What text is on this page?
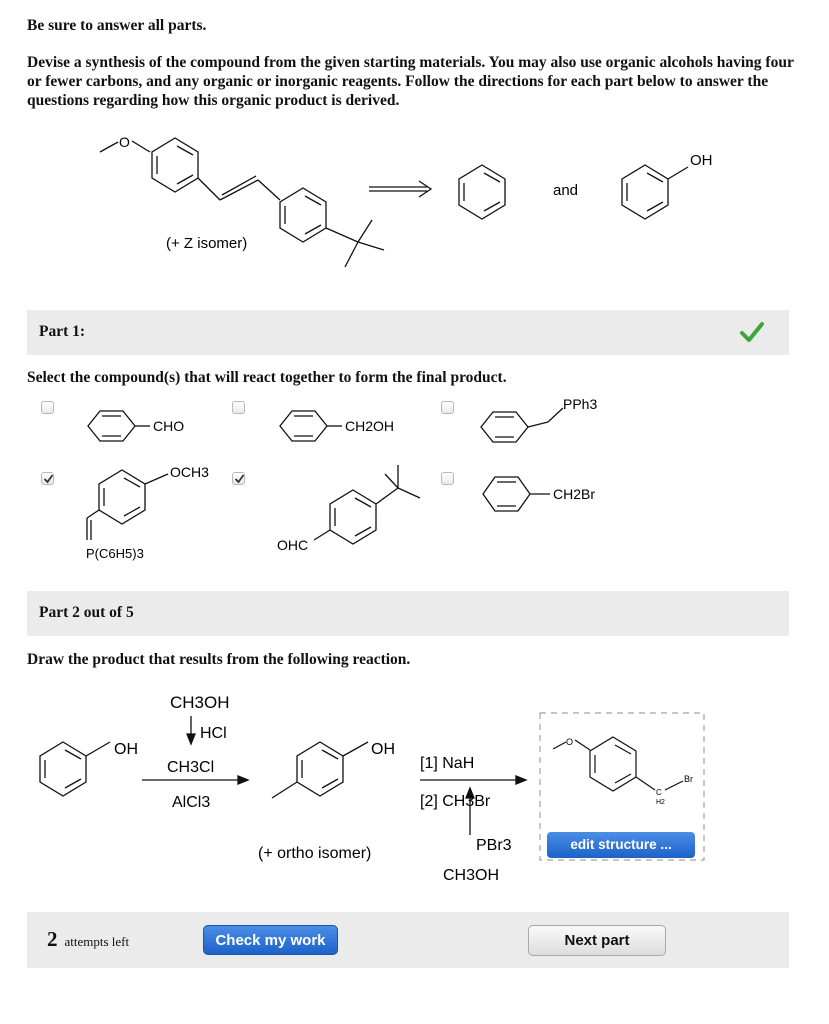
Be sure to answer all parts.
Devise a synthesis of the compound from the given starting materials. You may also use organic alcohols having four or fewer carbons, and any organic or inorganic reagents. Follow the directions for each part below to answer the questions regarding how this organic product is derived.
O
and
OH
(+ Z isomer)
Part 1:
Select the compound(s) that will react together to form the final product.
CHO	CH2OH
PPh3
OCH3
P(C6H5)3
OHC
CH2Br
Part 2 out of 5
Draw the product that results from the following reaction.
CH3OH
HCl
CH3Cl
AlCl3
OH	OH
(+ ortho isomer)
[1] NaH
[2] CH3Br
PBr3
CH3OH
O
Br
C
H2
edit structure ...
2 attempts left	Check my work	Next part
